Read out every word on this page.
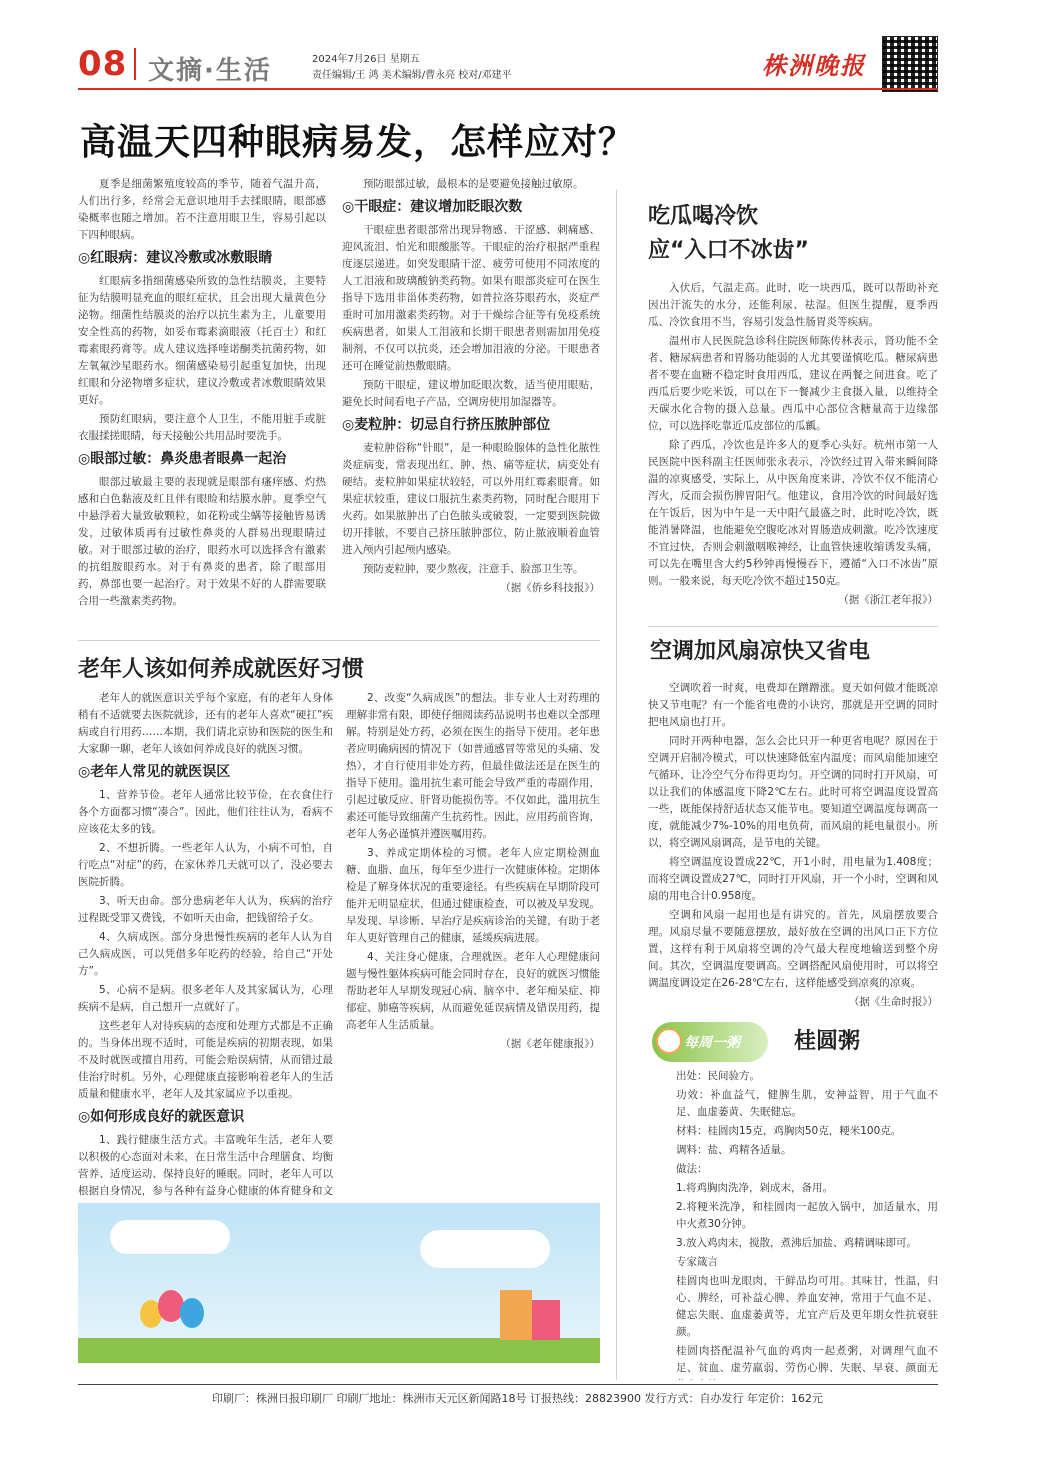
08 文摘·生活	2024年7月26日 星期五
责任编辑/王 鸿 美术编辑/曹永亮 校对/邓建平	株洲晚报
高温天四种眼病易发，怎样应对？

夏季是细菌繁殖度较高的季节，随着气温升高，人们出行多，经常会无意识地用手去揉眼睛，眼部感染概率也随之增加。若不注意用眼卫生，容易引起以下四种眼病。

◎红眼病：建议冷敷或冰敷眼睛

红眼病多指细菌感染所致的急性结膜炎，主要特征为结膜明显充血的眼红症状，且会出现大量黄色分泌物。细菌性结膜炎的治疗以抗生素为主，儿童要用安全性高的药物，如妥布霉素滴眼液（托百士）和红霉素眼药膏等。成人建议选择喹诺酮类抗菌药物，如左氧氟沙星眼药水。细菌感染易引起重复加快，出现红眼和分泌物增多症状，建议冷敷或者冰敷眼睛效果更好。

预防红眼病，要注意个人卫生，不能用脏手或脏衣服揉搓眼睛，每天接触公共用品时要洗手。

◎眼部过敏：鼻炎患者眼鼻一起治

眼部过敏最主要的表现就是眼部有瘙痒感、灼热感和白色黏液及红且伴有眼睑和结膜水肿。夏季空气中悬浮着大量致敏颗粒，如花粉或尘螨等接触皆易诱发，过敏体质再有过敏性鼻炎的人群易出现眼睛过敏。对于眼部过敏的治疗，眼药水可以选择含有激素的抗组胺眼药水。对于有鼻炎的患者，除了眼部用药，鼻部也要一起治疗。对于效果不好的人群需要联合用一些激素类药物。

预防眼部过敏，最根本的是要避免接触过敏原。

◎干眼症：建议增加眨眼次数

干眼症患者眼部常出现异物感、干涩感、刺痛感、迎风流泪、怕光和眼酸胀等。干眼症的治疗根据严重程度逐层递进。如突发眼睛干涩、疲劳可使用不同浓度的人工泪液和玻璃酸钠类药物。如果有眼部炎症可在医生指导下选用非甾体类药物，如普拉洛芬眼药水，炎症严重时可加用激素类药物。对于干燥综合征等有免疫系统疾病患者，如果人工泪液和长期干眼患者则需加用免疫制剂，不仅可以抗炎，还会增加泪液的分泌。干眼患者还可在睡觉前热敷眼睛。

预防干眼症，建议增加眨眼次数，适当使用眼贴，避免长时间看电子产品，空调房使用加湿器等。

◎麦粒肿：切忌自行挤压脓肿部位

麦粒肿俗称“针眼”，是一种眼睑腺体的急性化脓性炎症病变，常表现出红、肿、热、痛等症状，病变处有硬结。麦粒肿如果症状较轻，可以外用红霉素眼膏。如果症状较重，建议口服抗生素类药物，同时配合眼用下火药。如果脓肿出了白色脓头或破裂，一定要到医院做切开排脓，不要自己挤压脓肿部位，防止脓液顺着血管进入颅内引起颅内感染。

预防麦粒肿，要少熬夜，注意手、脸部卫生等。

（据《侨乡科技报》）
老年人该如何养成就医好习惯

老年人的就医意识关乎每个家庭，有的老年人身体稍有不适就要去医院就诊，还有的老年人喜欢“硬扛”疾病或自行用药……本期，我们请北京协和医院的医生和大家聊一聊，老年人该如何养成良好的就医习惯。

◎老年人常见的就医误区

1、营养节俭。老年人通常比较节俭，在衣食住行各个方面都习惯“凑合”。因此，他们往往认为，看病不应该花太多的钱。

2、不想折腾。一些老年人认为，小病不可怕，自行吃点“对症”的药，在家休养几天就可以了，没必要去医院折腾。

3、听天由命。部分患病老年人认为，疾病的治疗过程既受罪又费钱，不如听天由命，把钱留给子女。

4、久病成医。部分身患慢性疾病的老年人认为自己久病成医，可以凭借多年吃药的经验，给自己“开处方”。

5、心病不是病。很多老年人及其家属认为，心理疾病不是病，自己想开一点就好了。

这些老年人对待疾病的态度和处理方式都是不正确的。当身体出现不适时，可能是疾病的初期表现，如果不及时就医或擅自用药，可能会贻误病情，从而错过最佳治疗时机。另外，心理健康直接影响着老年人的生活质量和健康水平，老年人及其家属应予以重视。

◎如何形成良好的就医意识

1、践行健康生活方式。丰富晚年生活，老年人要以积极的心态面对未来，在日常生活中合理膳食、均衡营养、适度运动、保持良好的睡眠。同时，老年人可以根据自身情况，参与各种有益身心健康的体育健身和文

2、改变“久病成医”的想法。非专业人士对药理的理解非常有限，即使仔细阅读药品说明书也难以全部理解。特别是处方药，必须在医生的指导下使用。老年患者应明确病因的情况下（如普通感冒等常见的头痛、发热），才自行使用非处方药，但最佳做法还是在医生的指导下使用。滥用抗生素可能会导致严重的毒副作用，引起过敏反应、肝肾功能损伤等。不仅如此，滥用抗生素还可能导致细菌产生抗药性。因此，应用药前咨询，老年人务必谨慎并遵医嘱用药。

3、养成定期体检的习惯。老年人应定期检测血糖、血脂、血压，每年至少进行一次健康体检。定期体检是了解身体状况的重要途径。有些疾病在早期阶段可能并无明显症状，但通过健康检查，可以被及早发现。早发现、早诊断、早治疗是疾病诊治的关键，有助于老年人更好管理自己的健康，延缓疾病进展。

4、关注身心健康，合理就医。老年人心理健康问题与慢性躯体疾病可能会同时存在，良好的就医习惯能帮助老年人早期发现冠心病、脑卒中、老年痴呆症、抑郁症、肺癌等疾病，从而避免延误病情及错误用药，提高老年人生活质量。

（据《老年健康报》）
吃瓜喝冷饮
应“入口不冰齿”

入伏后，气温走高。此时，吃一块西瓜，既可以帮助补充因出汗流失的水分，还能利尿、祛湿。但医生提醒，夏季西瓜、冷饮食用不当，容易引发急性肠胃炎等疾病。

温州市人民医院急诊科住院医师陈传林表示，肾功能不全者、糖尿病患者和胃肠功能弱的人尤其要谨慎吃瓜。糖尿病患者不要在血糖不稳定时食用西瓜，建议在两餐之间进食。吃了西瓜后要少吃米饭，可以在下一餐减少主食摄入量，以维持全天碳水化合物的摄入总量。西瓜中心部位含糖量高于边缘部位，可以选择吃靠近瓜皮部位的瓜瓤。

除了西瓜，冷饮也是许多人的夏季心头好。杭州市第一人民医院中医科副主任医师张永表示，冷饮经过胃入带来瞬间降温的凉爽感受，实际上，从中医角度来讲，冷饮不仅不能清心泻火，反而会损伤脾胃阳气。他建议，食用冷饮的时间最好选在午饭后，因为中午是一天中阳气最盛之时，此时吃冷饮，既能消暑降温，也能避免空腹吃冰对胃肠造成刺激。吃冷饮速度不宜过快，否则会刺激咽喉神经，让血管快速收缩诱发头痛，可以先在嘴里含大约5秒钟再慢慢吞下，遵循“入口不冰齿”原则。一般来说，每天吃冷饮不超过150克。

（据《浙江老年报》）
空调加风扇凉快又省电

空调吹着一时爽，电费却在蹭蹭涨。夏天如何做才能既凉快又节电呢？有一个能省电费的小诀窍，那就是开空调的同时把电风扇也打开。

同时开两种电器，怎么会比只开一种更省电呢？原因在于空调开启制冷模式，可以快速降低室内温度；而风扇能加速空气循环，让冷空气分布得更均匀。开空调的同时打开风扇，可以让我们的体感温度下降2℃左右。此时可将空调温度设置高一些，既能保持舒适状态又能节电。要知道空调温度每调高一度，就能减少7%-10%的用电负荷，而风扇的耗电量很小。所以，将空调风扇调高，是节电的关键。

将空调温度设置成22℃，开1小时，用电量为1.408度；而将空调设置成27℃，同时打开风扇，开一个小时，空调和风扇的用电合计0.958度。

空调和风扇一起用也是有讲究的。首先，风扇摆放要合理。风扇尽量不要随意摆放，最好放在空调的出风口正下方位置，这样有利于风扇将空调的冷气最大程度地输送到整个房间。其次，空调温度要调高。空调搭配风扇使用时，可以将空调温度调设定在26-28℃左右，这样能感受到凉爽的凉爽。

（据《生命时报》）
每周一粥 桂圆粥

出处：民间验方。

功效：补血益气，健脾生肌，安神益智，用于气血不足、血虚萎黄、失眠健忘。

材料：桂圆肉15克，鸡胸肉50克，粳米100克。

调料：盐、鸡精各适量。

做法：

1.将鸡胸肉洗净，剁成末，备用。

2.将粳米洗净，和桂圆肉一起放入锅中，加适量水，用中火煮30分钟。

3.放入鸡肉末，搅散，煮沸后加盐、鸡精调味即可。

专家箴言

桂圆肉也叫龙眼肉，干鲜品均可用。其味甘，性温，归心、脾经，可补益心脾、养血安神，常用于气血不足、健忘失眠、血虚萎黄等，尤宜产后及更年期女性抗衰驻颜。

桂圆肉搭配温补气血的鸡肉一起煮粥，对调理气血不足、贫血、虚劳羸弱、劳伤心脾、失眠、早衰、颜面无

印刷厂：株洲日报印刷厂 印刷厂地址：株洲市天元区新闻路18号 订报热线：28823900 发行方式：自办发行 年定价：162元
